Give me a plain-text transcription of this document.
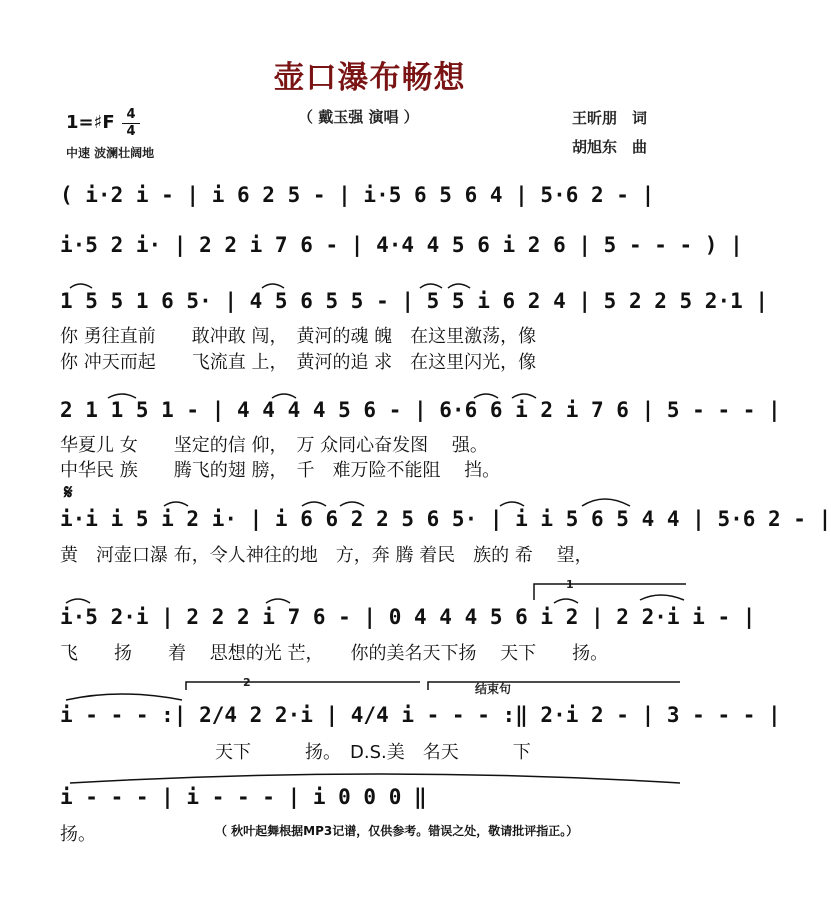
壶口瀑布畅想
（ 戴玉强 演唱 ）	王昕朋　词
胡旭东　曲
1=♯F 4
4
中速 波澜壮阔地
( i·2 i - | i 6 2 5 - | i·5 6 5 6 4 | 5·6 2 - |
i·5 2 i· | 2 2 i 7 6 - | 4·4 4 5 6 i 2 6 | 5 - - - ) |
1 5 5 1 6 5· | 4 5 6 5 5 - | 5 5 i 6 2 4 | 5 2 2 5 2·1 |
你 勇往直前　　敢冲敢 闯，　黄河的魂 魄　在这里激荡，像
你 冲天而起　　飞流直 上，　黄河的追 求　在这里闪光，像
2 1 1 5 1 - | 4 4 4 4 5 6 - | 6·6 6 i 2 i 7 6 | 5 - - - |
华夏儿 女　　坚定的信 仰，　万 众同心奋发图　 强。
中华民 族　　腾飞的翅 膀，　千　难万险不能阻　 挡。
𝄋
i·i i 5 i 2 i· | i 6 6 2 2 5 6 5· | i i 5 6 5 4 4 | 5·6 2 - |
黄　河壶口瀑 布，令人神往的地　方，奔 腾 着民　族的 希　 望，
i·5 2·i | 2 2 2 i 7 6 - | 0 4 4 4 5 6 i 2 | 2 2·i i - |
飞　　扬　　着　 思想的光 芒，　　你的美名天下扬　 天下　　扬。
i - - - :| 2/4 2 2·i | 4/4 i - - - :‖ 2·i 2 - | 3 - - - |
天下　　　扬。　D.S.美　名天　　　下
i - - - | i - - - | i 0 0 0 ‖
扬。
1
2	结束句
（ 秋叶起舞根据MP3记谱，仅供参考。错误之处，敬请批评指正。）
